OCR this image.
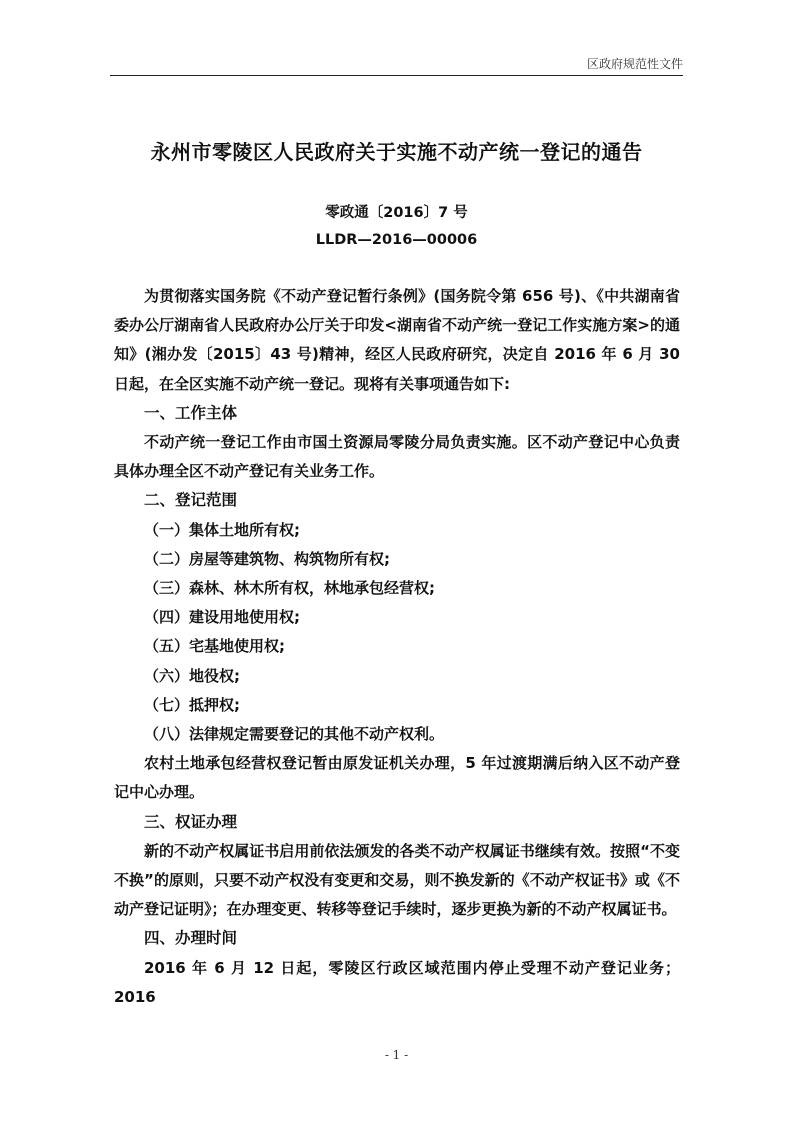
区政府规范性文件
永州市零陵区人民政府关于实施不动产统一登记的通告
零政通〔2016〕7 号
LLDR—2016—00006

为贯彻落实国务院《不动产登记暂行条例》(国务院令第 656 号)、《中共湖南省委办公厅湖南省人民政府办公厅关于印发<湖南省不动产统一登记工作实施方案>的通知》(湘办发〔2015〕43 号)精神，经区人民政府研究，决定自 2016 年 6 月 30 日起，在全区实施不动产统一登记。现将有关事项通告如下:

一、工作主体

不动产统一登记工作由市国土资源局零陵分局负责实施。区不动产登记中心负责具体办理全区不动产登记有关业务工作。

二、登记范围

（一）集体土地所有权;

（二）房屋等建筑物、构筑物所有权;

（三）森林、林木所有权，林地承包经营权;

（四）建设用地使用权;

（五）宅基地使用权;

（六）地役权;

（七）抵押权;

（八）法律规定需要登记的其他不动产权利。

农村土地承包经营权登记暂由原发证机关办理，5 年过渡期满后纳入区不动产登记中心办理。

三、权证办理

新的不动产权属证书启用前依法颁发的各类不动产权属证书继续有效。按照“不变不换”的原则，只要不动产权没有变更和交易，则不换发新的《不动产权证书》或《不动产登记证明》；在办理变更、转移等登记手续时，逐步更换为新的不动产权属证书。

四、办理时间

2016 年 6 月 12 日起，零陵区行政区域范围内停止受理不动产登记业务；2016

- 1 -
